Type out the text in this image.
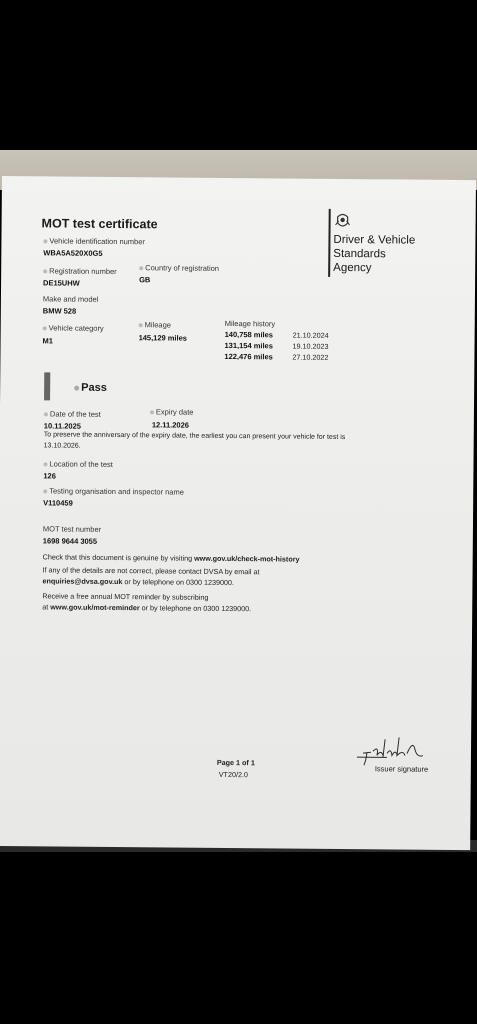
MOT test certificate
Driver & Vehicle
Standards
Agency
Vehicle identification number
WBA5A520X0G5
Registration number
DE15UHW
Country of registration
GB
Make and model
BMW 528
Vehicle category
M1
Mileage
145,129 miles
Mileage history
140,758 miles	21.10.2024
131,154 miles	19.10.2023
122,476 miles	27.10.2022
Pass
Date of the test
10.11.2025
Expiry date
12.11.2026
To preserve the anniversary of the expiry date, the earliest you can present your vehicle for test is
13.10.2026.
Location of the test
126
Testing organisation and inspector name
V110459
MOT test number
1698 9644 3055
Check that this document is genuine by visiting www.gov.uk/check-mot-history
If any of the details are not correct, please contact DVSA by email at
enquiries@dvsa.gov.uk or by telephone on 0300 1239000.
Receive a free annual MOT reminder by subscribing
at www.gov.uk/mot-reminder or by telephone on 0300 1239000.
Issuer signature
Page 1 of 1
VT20/2.0
